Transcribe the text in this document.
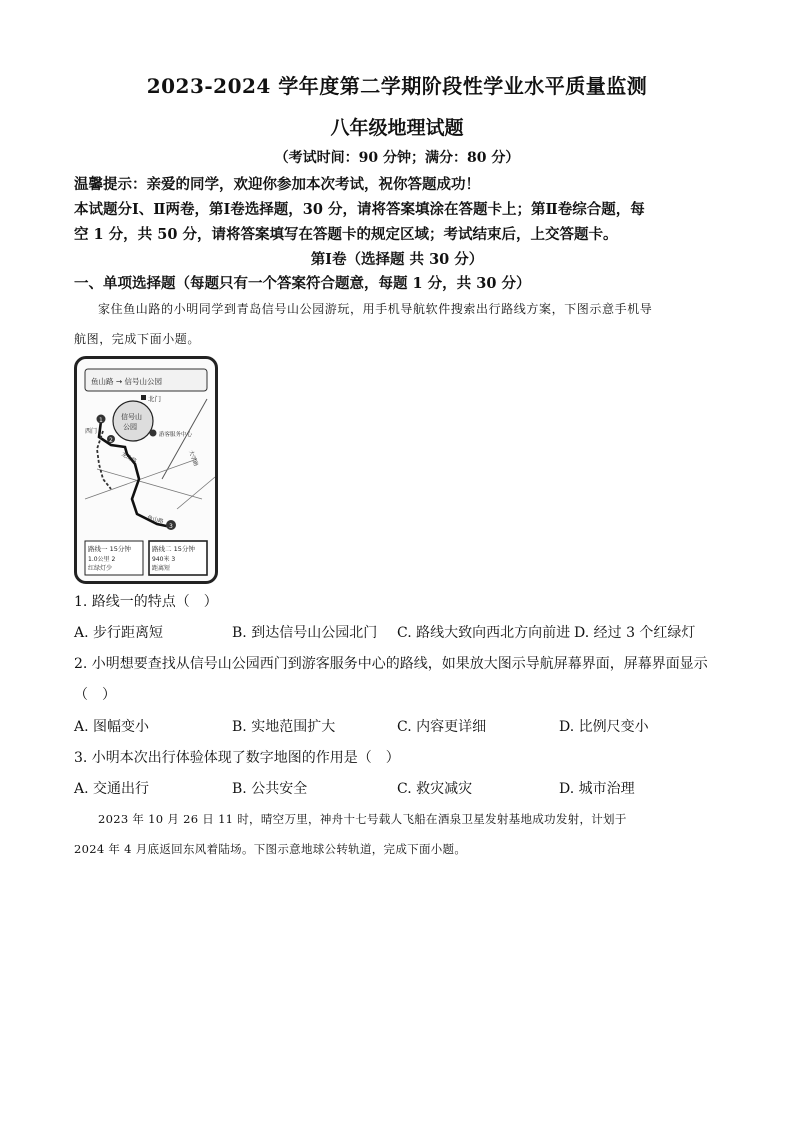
2023-2024 学年度第二学期阶段性学业水平质量监测
八年级地理试题
（考试时间：90 分钟；满分：80 分）
温馨提示：亲爱的同学，欢迎你参加本次考试，祝你答题成功！
本试题分Ⅰ、Ⅱ两卷，第Ⅰ卷选择题，30 分，请将答案填涂在答题卡上；第Ⅱ卷综合题，每
空 1 分，共 50 分，请将答案填写在答题卡的规定区域；考试结束后，上交答题卡。
第Ⅰ卷（选择题 共 30 分）
一、单项选择题（每题只有一个答案符合题意，每题 1 分，共 30 分）
家住鱼山路的小明同学到青岛信号山公园游玩，用手机导航软件搜索出行路线方案，下图示意手机导
航图，完成下面小题。
鱼山路 → 信号山公园
信号山
公园
北门
游客服务中心
1
2
3
西门
龙山路
鱼山路
大学路
路线一 15分钟
1.0公里 2
红绿灯少
路线二 15分钟
940米 3
距离短
1. 路线一的特点（　）
A. 步行距离短	B. 到达信号山公园北门 C. 路线大致向西北方向前进 D. 经过 3 个红绿灯
2. 小明想要查找从信号山公园西门到游客服务中心的路线，如果放大图示导航屏幕界面，屏幕界面显示
（　）
A. 图幅变小	B. 实地范围扩大	C. 内容更详细	D. 比例尺变小
3. 小明本次出行体验体现了数字地图的作用是（　）
A. 交通出行	B. 公共安全	C. 救灾减灾	D. 城市治理
2023 年 10 月 26 日 11 时，晴空万里，神舟十七号载人飞船在酒泉卫星发射基地成功发射，计划于
2024 年 4 月底返回东风着陆场。下图示意地球公转轨道，完成下面小题。
